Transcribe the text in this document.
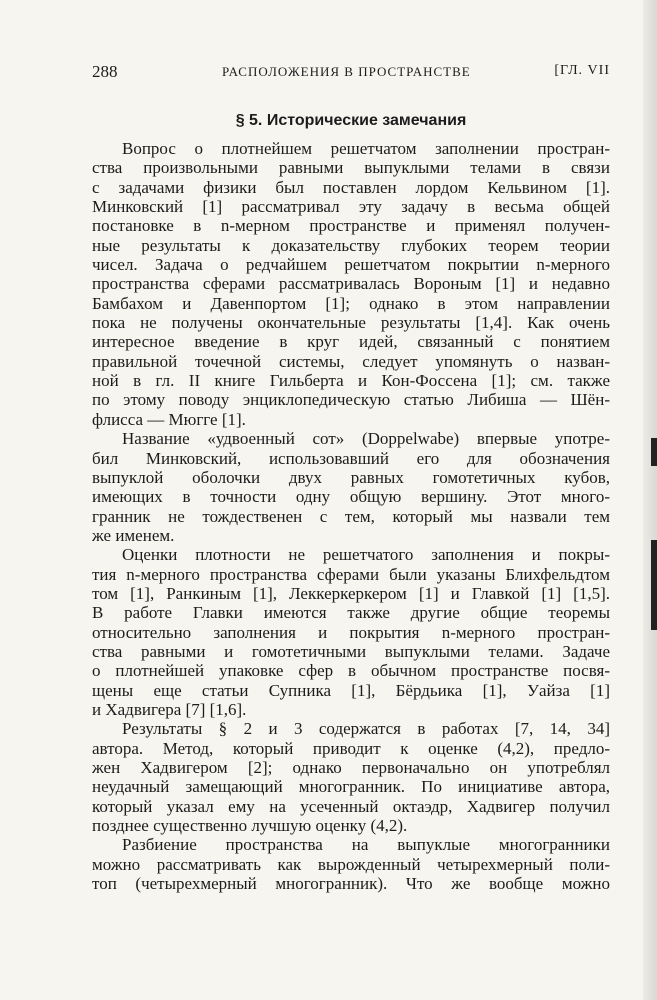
288	РАСПОЛОЖЕНИЯ В ПРОСТРАНСТВЕ	[ГЛ. VII
§ 5. Исторические замечания
Вопрос о плотнейшем решетчатом заполнении простран-
ства произвольными равными выпуклыми телами в связи
с задачами физики был поставлен лордом Кельвином [1].
Минковский [1] рассматривал эту задачу в весьма общей
постановке в n-мерном пространстве и применял получен-
ные результаты к доказательству глубоких теорем теории
чисел. Задача о редчайшем решетчатом покрытии n-мерного
пространства сферами рассматривалась Вороным [1] и недавно
Бамбахом и Давенпортом [1]; однако в этом направлении
пока не получены окончательные результаты [1,4]. Как очень
интересное введение в круг идей, связанный с понятием
правильной точечной системы, следует упомянуть о назван-
ной в гл. II книге Гильберта и Кон-Фоссена [1]; см. также
по этому поводу энциклопедическую статью Либиша — Шён-
флисса — Мюгге [1].
Название «удвоенный сот» (Doppelwabe) впервые употре-
бил Минковский, использовавший его для обозначения
выпуклой оболочки двух равных гомотетичных кубов,
имеющих в точности одну общую вершину. Этот много-
гранник не тождественен с тем, который мы назвали тем
же именем.
Оценки плотности не решетчатого заполнения и покры-
тия n-мерного пространства сферами были указаны Блихфельдтом
том [1], Ранкиным [1], Леккеркеркером [1] и Главкой [1] [1,5].
В работе Главки имеются также другие общие теоремы
относительно заполнения и покрытия n-мерного простран-
ства равными и гомотетичными выпуклыми телами. Задаче
о плотнейшей упаковке сфер в обычном пространстве посвя-
щены еще статьи Супника [1], Бёрдьика [1], Уайза [1]
и Хадвигера [7] [1,6].
Результаты § 2 и 3 содержатся в работах [7, 14, 34]
автора. Метод, который приводит к оценке (4,2), предло-
жен Хадвигером [2]; однако первоначально он употреблял
неудачный замещающий многогранник. По инициативе автора,
который указал ему на усеченный октаэдр, Хадвигер получил
позднее существенно лучшую оценку (4,2).
Разбиение пространства на выпуклые многогранники
можно рассматривать как вырожденный четырехмерный поли-
топ (четырехмерный многогранник). Что же вообще можно
